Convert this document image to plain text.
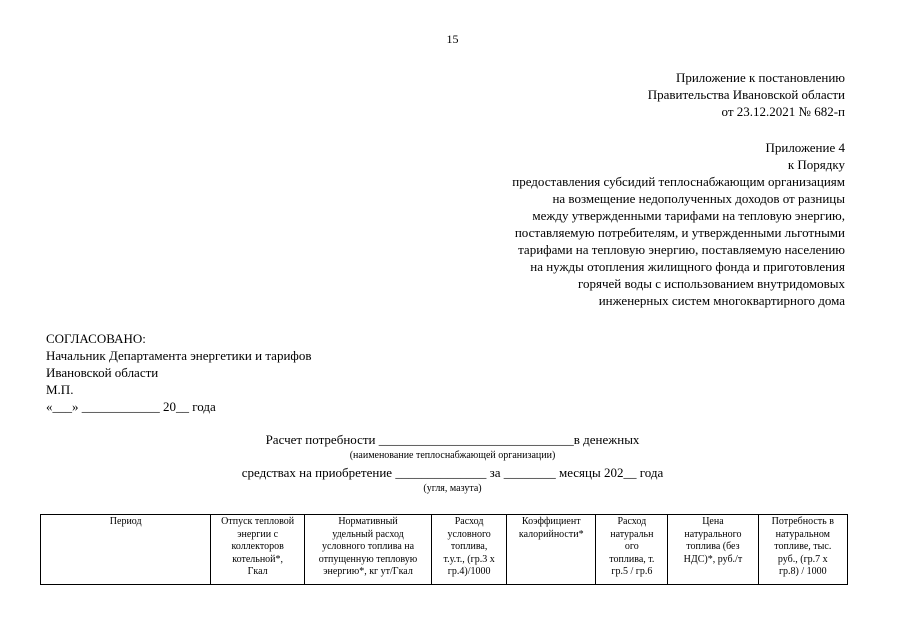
15
Приложение к постановлению
Правительства Ивановской области
от 23.12.2021 № 682-п
Приложение 4
к Порядку
предоставления субсидий теплоснабжающим организациям
на возмещение недополученных доходов от разницы
между утвержденными тарифами на тепловую энергию,
поставляемую потребителям, и утвержденными льготными
тарифами на тепловую энергию, поставляемую населению
на нужды отопления жилищного фонда и приготовления
горячей воды с использованием внутридомовых
инженерных систем многоквартирного дома
СОГЛАСОВАНО:
Начальник Департамента энергетики и тарифов
Ивановской области
М.П.
«___» ____________ 20__ года
Расчет потребности ______________________________в денежных
(наименование теплоснабжающей организации)
средствах на приобретение ______________ за ________ месяцы 202__ года
(угля, мазута)
Период	Отпуск тепловой
энергии с
коллекторов
котельной*,
Гкал

Нормативный
удельный расход
условного топлива на
отпущенную тепловую
энергию*, кг ут/Гкал

Расход
условного
топлива,
т.у.т., (гр.3 х
гр.4)/1000

Коэффициент
калорийности*

Расход
натуральн
ого
топлива, т.
гр.5 / гр.6

Цена
натурального
топлива (без
НДС)*, руб./т

Потребность в
натуральном
топливе, тыс.
руб., (гр.7 х
гр.8) / 1000
